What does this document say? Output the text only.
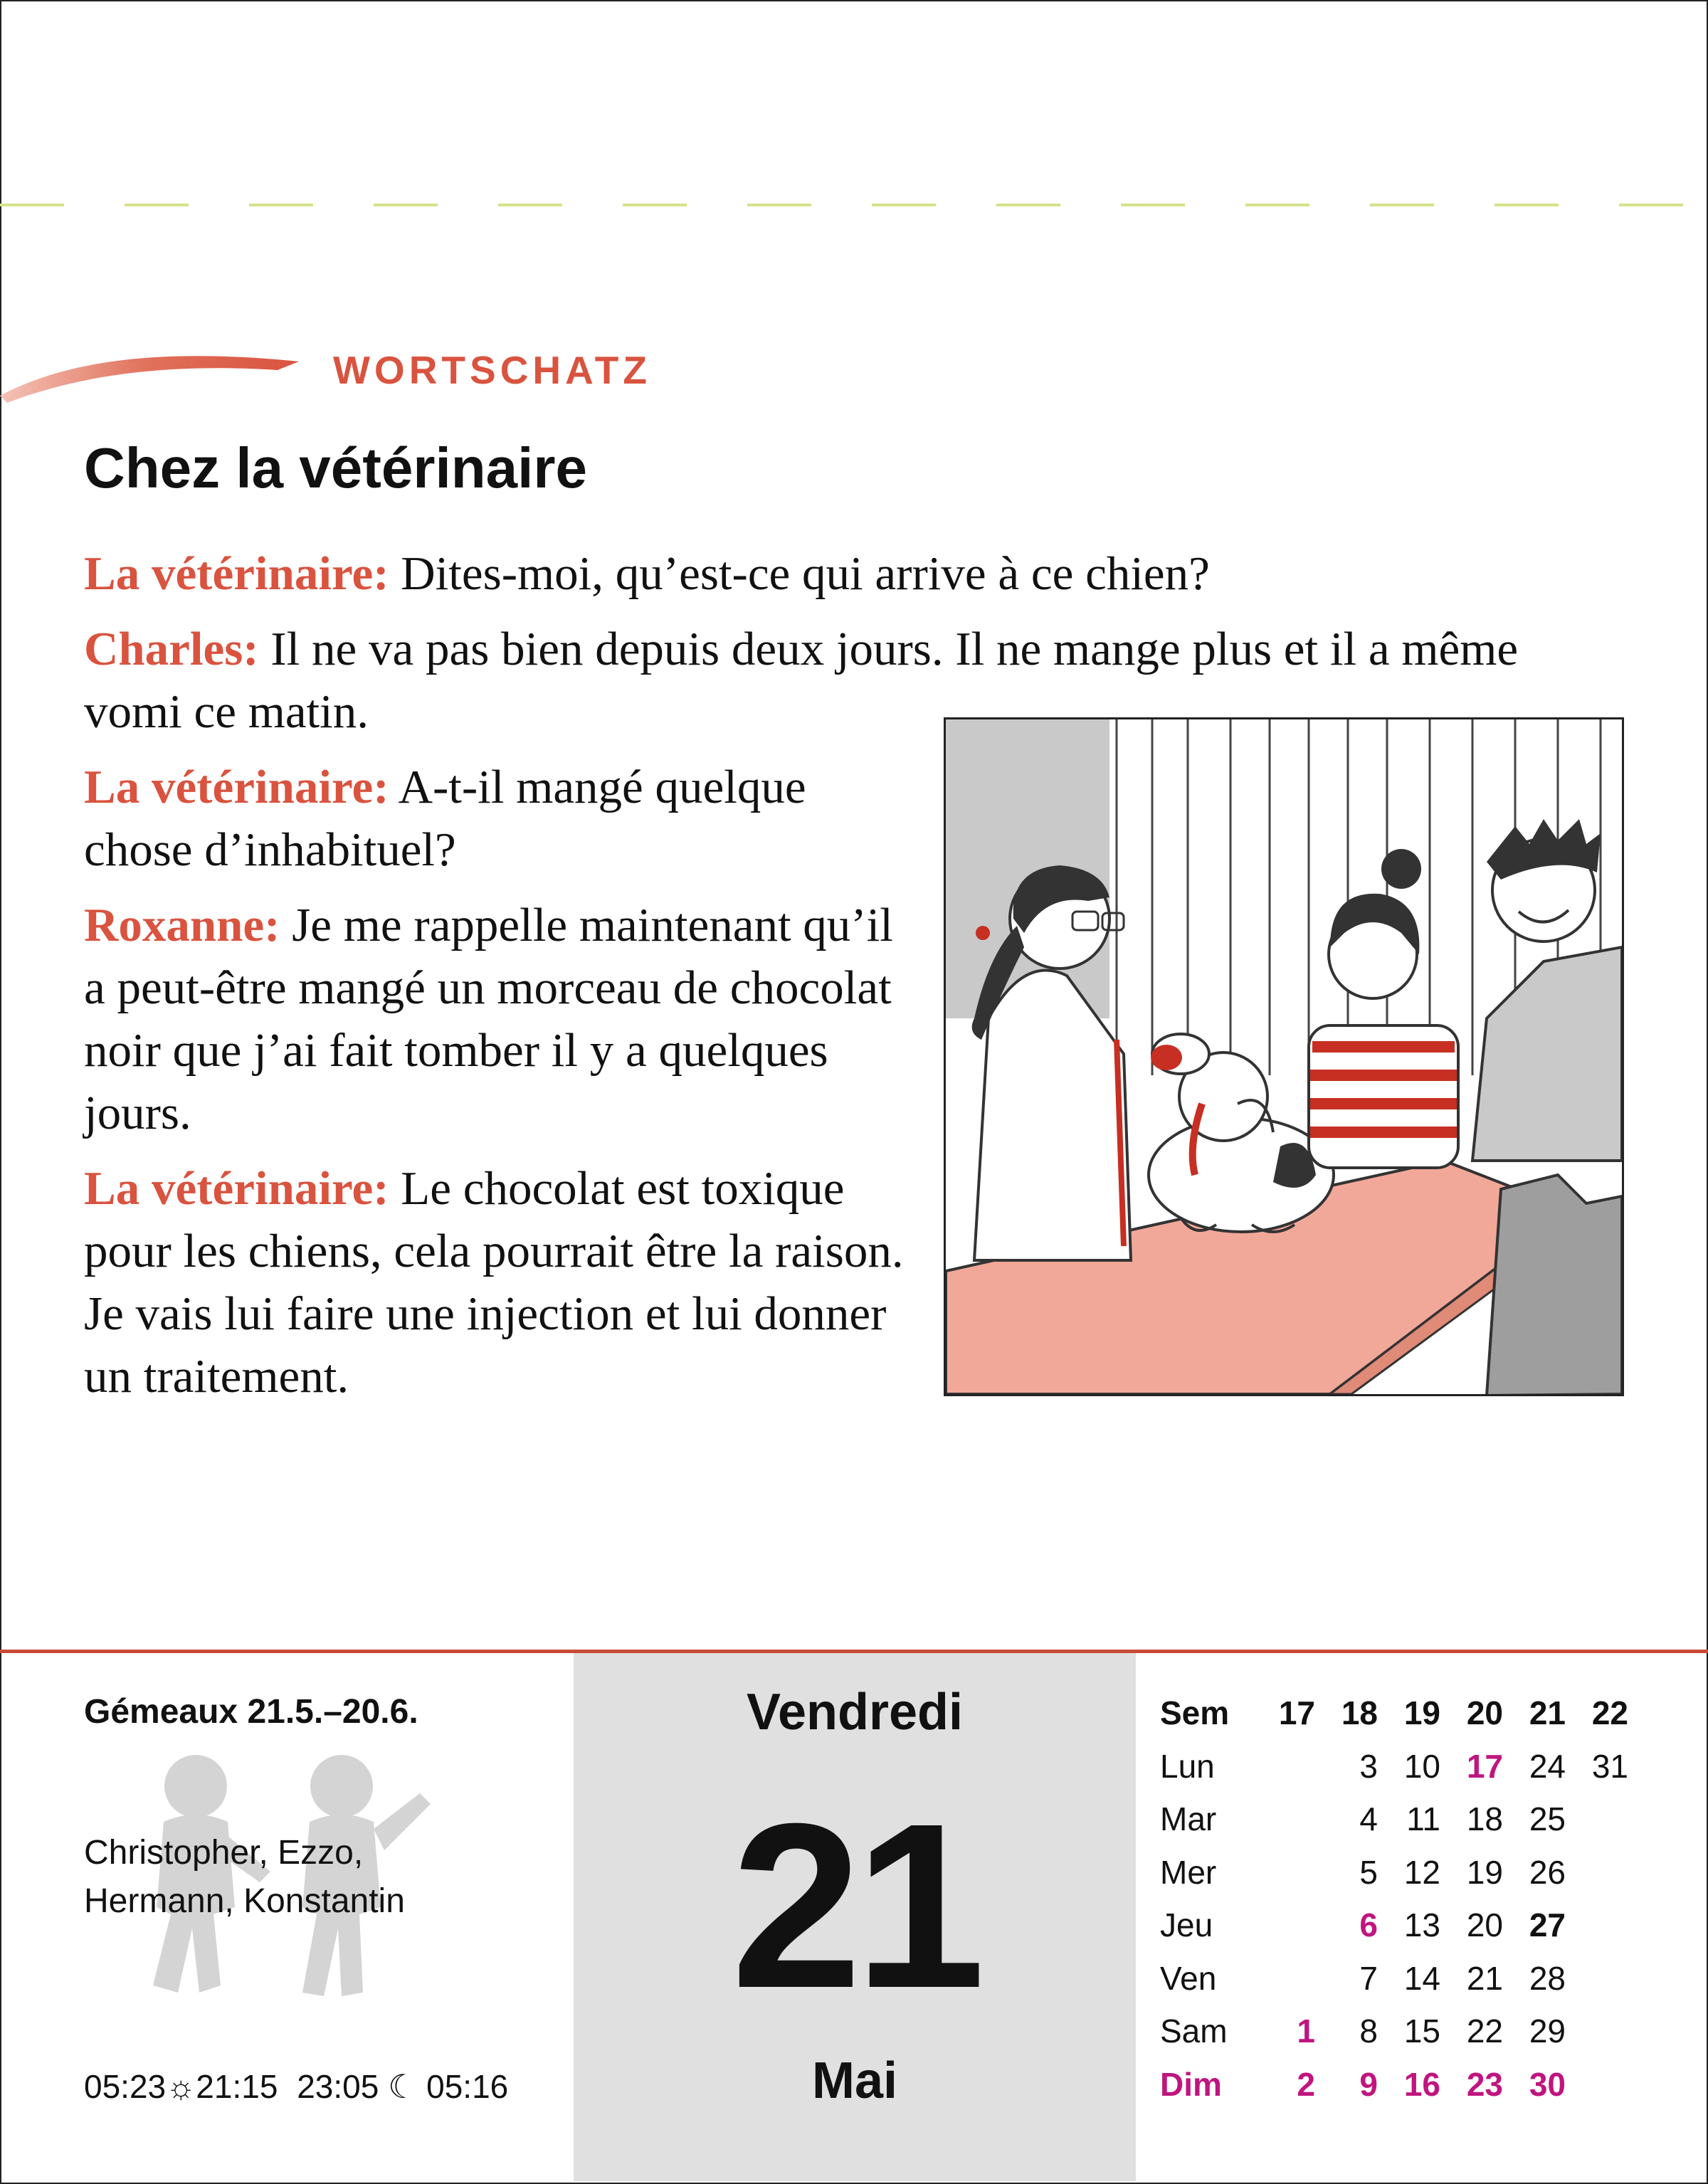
WORTSCHATZ
Chez la vétérinaire

La vétérinaire: Dites-moi, qu’est-ce qui arrive à ce chien?

Charles: Il ne va pas bien depuis deux jours. Il ne mange plus et il a même vomi ce matin.

La vétérinaire: A-t-il mangé quelque chose d’inhabituel?

Roxanne: Je me rappelle maintenant qu’il a peut-être mangé un morceau de chocolat noir que j’ai fait tomber il y a quelques jours.

La vétérinaire: Le chocolat est toxique pour les chiens, cela pourrait être la raison. Je vais lui faire une injection et lui donner un traitement.

Gémeaux 21.5.–20.6.
Christopher, Ezzo,
Hermann, Konstantin
05:23☼21:15 23:05 ☾ 05:16
Vendredi
21
Mai
Sem	17	18	19	20	21	22
Lun		3	10	17	24	31
Mar		4	11	18	25	
Mer		5	12	19	26	
Jeu		6	13	20	27	
Ven		7	14	21	28	
Sam	1	8	15	22	29	
Dim	2	9	16	23	30	
